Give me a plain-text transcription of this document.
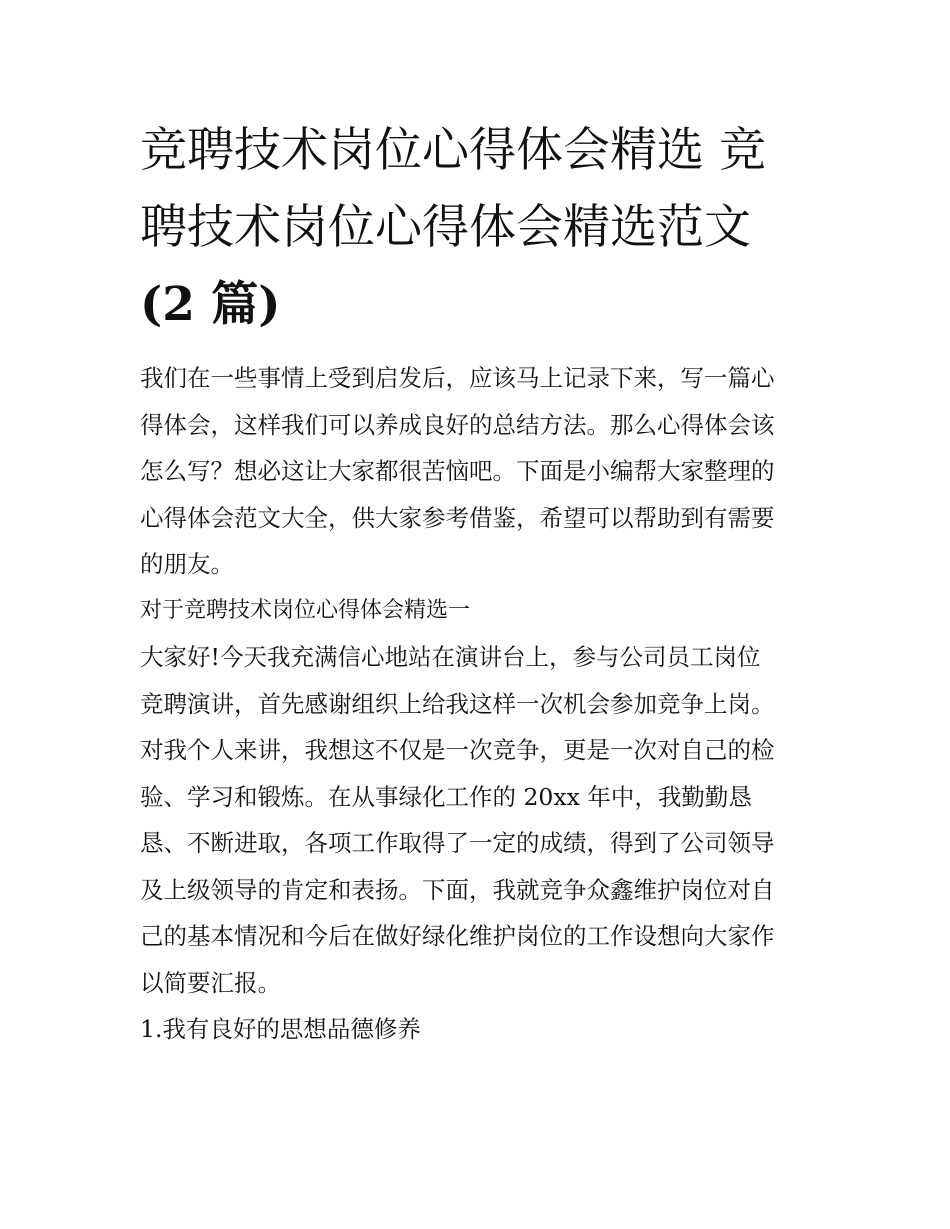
竞聘技术岗位心得体会精选 竞
聘技术岗位心得体会精选范文
(2 篇)

我们在一些事情上受到启发后，应该马上记录下来，写一篇心

得体会，这样我们可以养成良好的总结方法。那么心得体会该

怎么写？想必这让大家都很苦恼吧。下面是小编帮大家整理的

心得体会范文大全，供大家参考借鉴，希望可以帮助到有需要

的朋友。

对于竞聘技术岗位心得体会精选一

大家好!今天我充满信心地站在演讲台上，参与公司员工岗位

竞聘演讲，首先感谢组织上给我这样一次机会参加竞争上岗。

对我个人来讲，我想这不仅是一次竞争，更是一次对自己的检

验、学习和锻炼。在从事绿化工作的 20xx 年中，我勤勤恳

恳、不断进取，各项工作取得了一定的成绩，得到了公司领导

及上级领导的肯定和表扬。下面，我就竞争众鑫维护岗位对自

己的基本情况和今后在做好绿化维护岗位的工作设想向大家作

以简要汇报。

1.我有良好的思想品德修养
